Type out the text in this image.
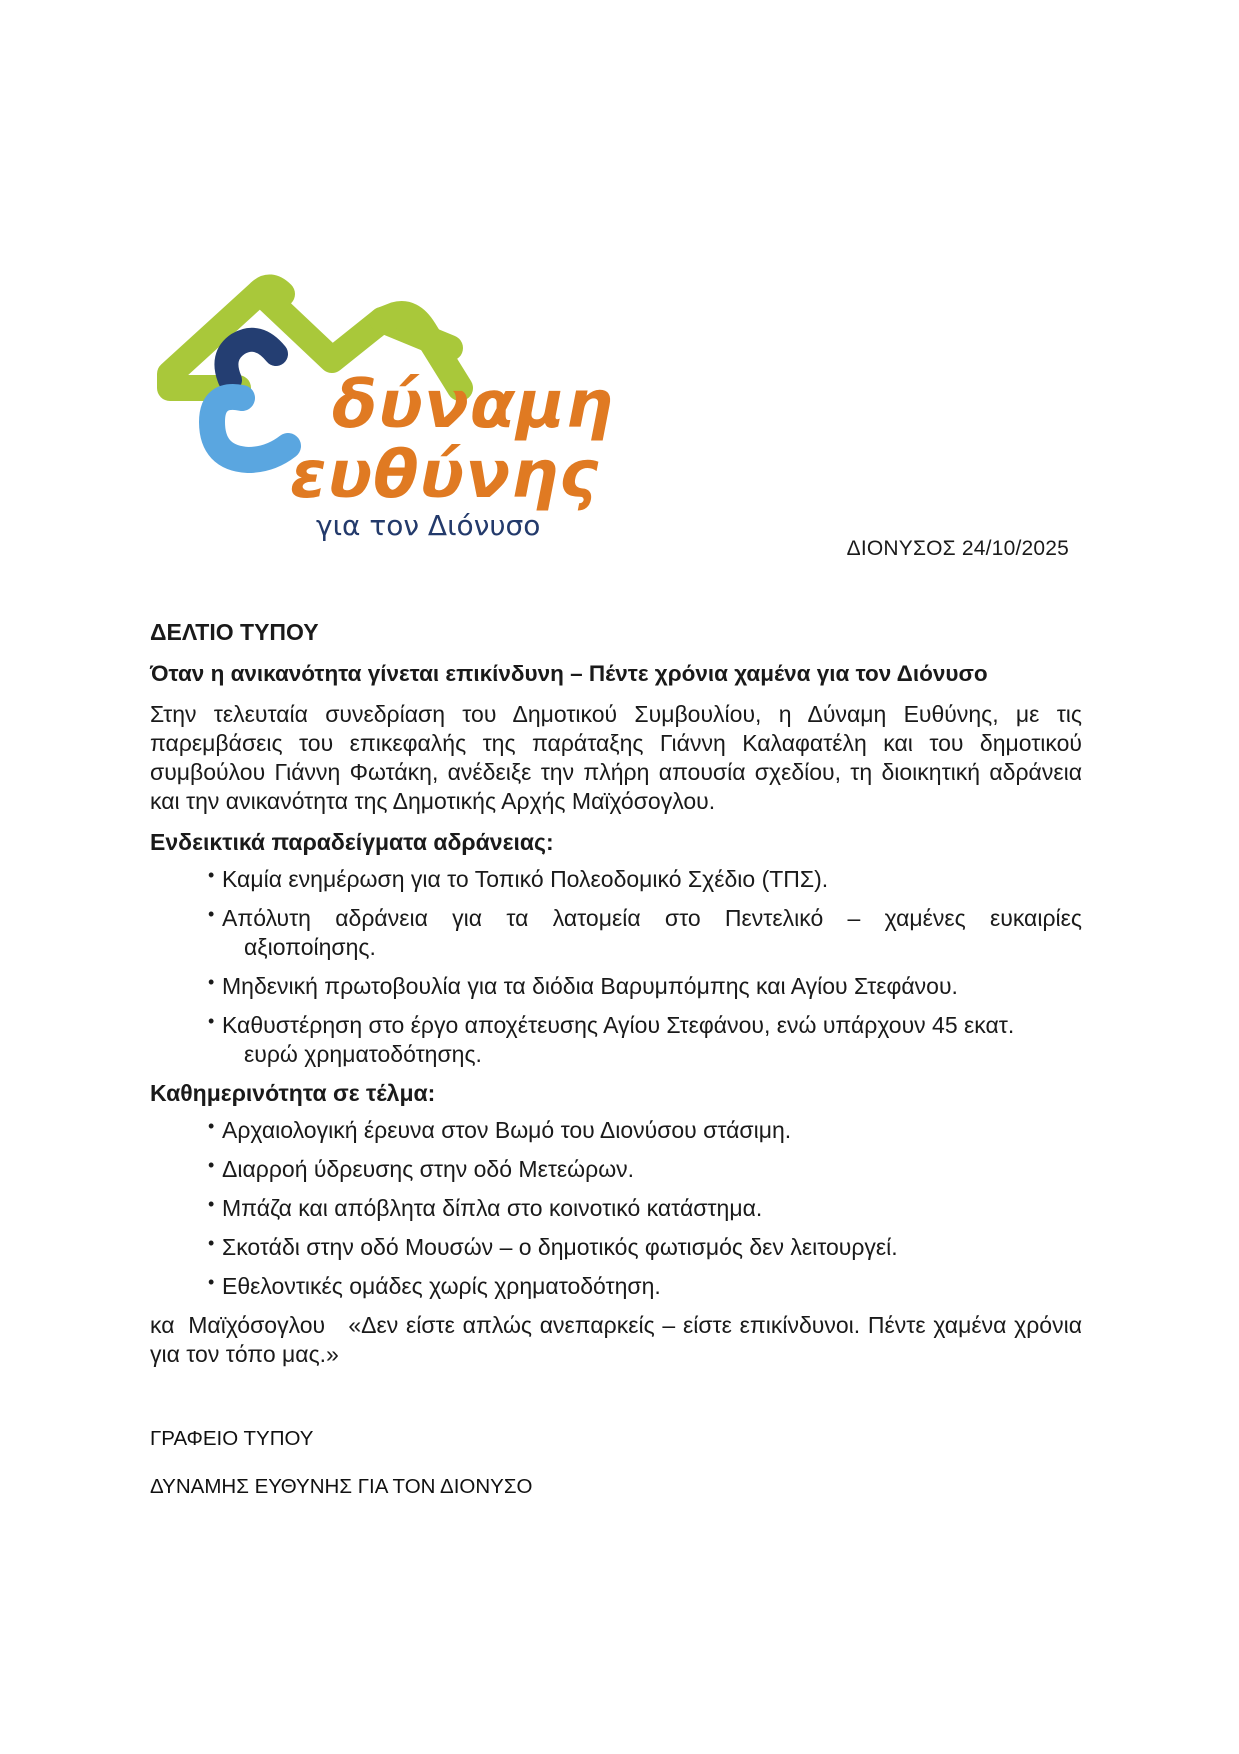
δύναμη
ευθύνης
για τον Διόνυσο
ΔΙΟΝΥΣΟΣ 24/10/2025
ΔΕΛΤΙΟ ΤΥΠΟΥ
Όταν η ανικανότητα γίνεται επικίνδυνη – Πέντε χρόνια χαμένα για τον Διόνυσο

Στην τελευταία συνεδρίαση του Δημοτικού Συμβουλίου, η Δύναμη Ευθύνης, με τις παρεμβάσεις του επικεφαλής της παράταξης Γιάννη Καλαφατέλη και του δημοτικού συμβούλου Γιάννη Φωτάκη, ανέδειξε την πλήρη απουσία σχεδίου, τη διοικητική αδράνεια και την ανικανότητα της Δημοτικής Αρχής Μαϊχόσογλου.

Ενδεικτικά παραδείγματα αδράνειας:
• Καμία ενημέρωση για το Τοπικό Πολεοδομικό Σχέδιο (ΤΠΣ).
• Απόλυτη αδράνεια για τα λατομεία στο Πεντελικό – χαμένες ευκαιρίες
αξιοποίησης.
• Μηδενική πρωτοβουλία για τα διόδια Βαρυμπόμπης και Αγίου Στεφάνου.
• Καθυστέρηση στο έργο αποχέτευσης Αγίου Στεφάνου, ενώ υπάρχουν 45 εκατ.
ευρώ χρηματοδότησης.
Καθημερινότητα σε τέλμα:
• Αρχαιολογική έρευνα στον Βωμό του Διονύσου στάσιμη.
• Διαρροή ύδρευσης στην οδό Μετεώρων.
• Μπάζα και απόβλητα δίπλα στο κοινοτικό κατάστημα.
• Σκοτάδι στην οδό Μουσών – ο δημοτικός φωτισμός δεν λειτουργεί.
• Εθελοντικές ομάδες χωρίς χρηματοδότηση.

κα Μαϊχόσογλου «Δεν είστε απλώς ανεπαρκείς – είστε επικίνδυνοι. Πέντε χαμένα χρόνια για τον τόπο μας.»

ΓΡΑΦΕΙΟ ΤΥΠΟΥ
ΔΥΝΑΜΗΣ ΕΥΘΥΝΗΣ ΓΙΑ ΤΟΝ ΔΙΟΝΥΣΟ
